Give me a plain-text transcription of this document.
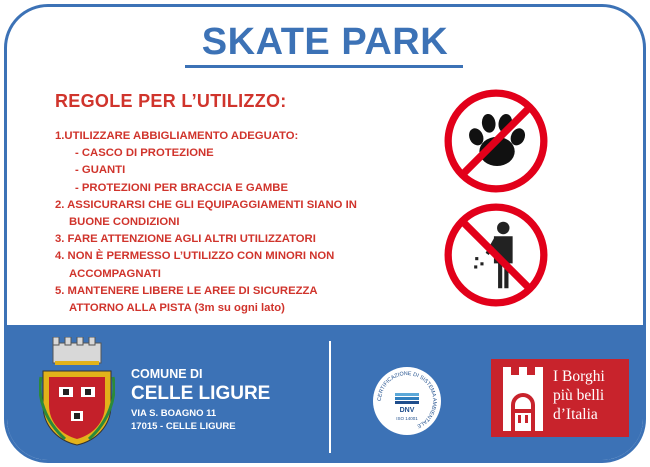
SKATE PARK
REGOLE PER L’UTILIZZO:
1.UTILIZZARE ABBIGLIAMENTO ADEGUATO:
- CASCO DI PROTEZIONE
- GUANTI
- PROTEZIONI PER BRACCIA E GAMBE
2. ASSICURARSI CHE GLI EQUIPAGGIAMENTI SIANO IN
BUONE CONDIZIONI
3. FARE ATTENZIONE AGLI ALTRI UTILIZZATORI
4. NON È PERMESSO L’UTILIZZO CON MINORI NON
ACCOMPAGNATI
5. MANTENERE LIBERE LE AREE DI SICUREZZA
ATTORNO ALLA PISTA (3m su ogni lato)
COMUNE DI
CELLE LIGURE
VIA S. BOAGNO 11
17015 - CELLE LIGURE
CERTIFICAZIONE DI SISTEMA AMBIENTALE
DNV
ISO 14001
I Borghi
più belli
d’Italia
